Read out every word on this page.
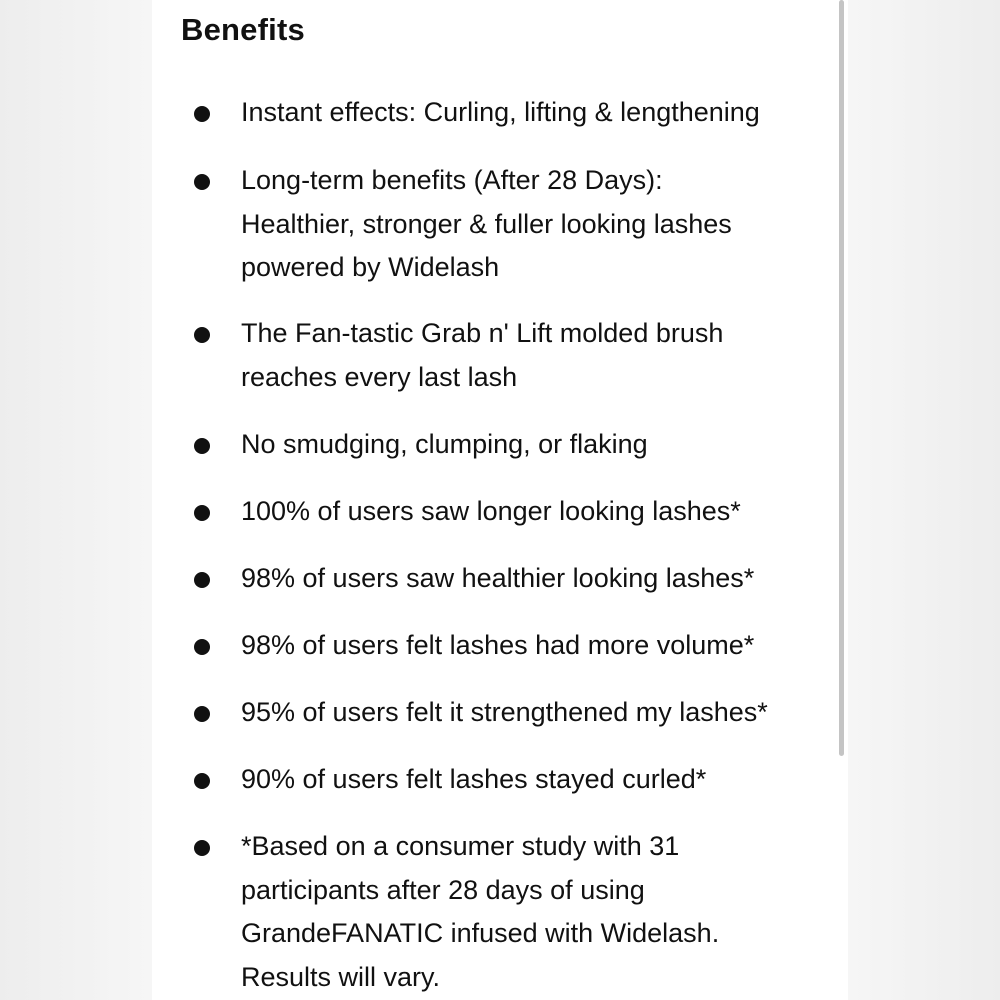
Benefits
Instant effects: Curling, lifting & lengthening
Long-term benefits (After 28 Days):
Healthier, stronger & fuller looking lashes
powered by Widelash
The Fan-tastic Grab n' Lift molded brush
reaches every last lash
No smudging, clumping, or flaking
100% of users saw longer looking lashes*
98% of users saw healthier looking lashes*
98% of users felt lashes had more volume*
95% of users felt it strengthened my lashes*
90% of users felt lashes stayed curled*
*Based on a consumer study with 31
participants after 28 days of using
GrandeFANATIC infused with Widelash.
Results will vary.
